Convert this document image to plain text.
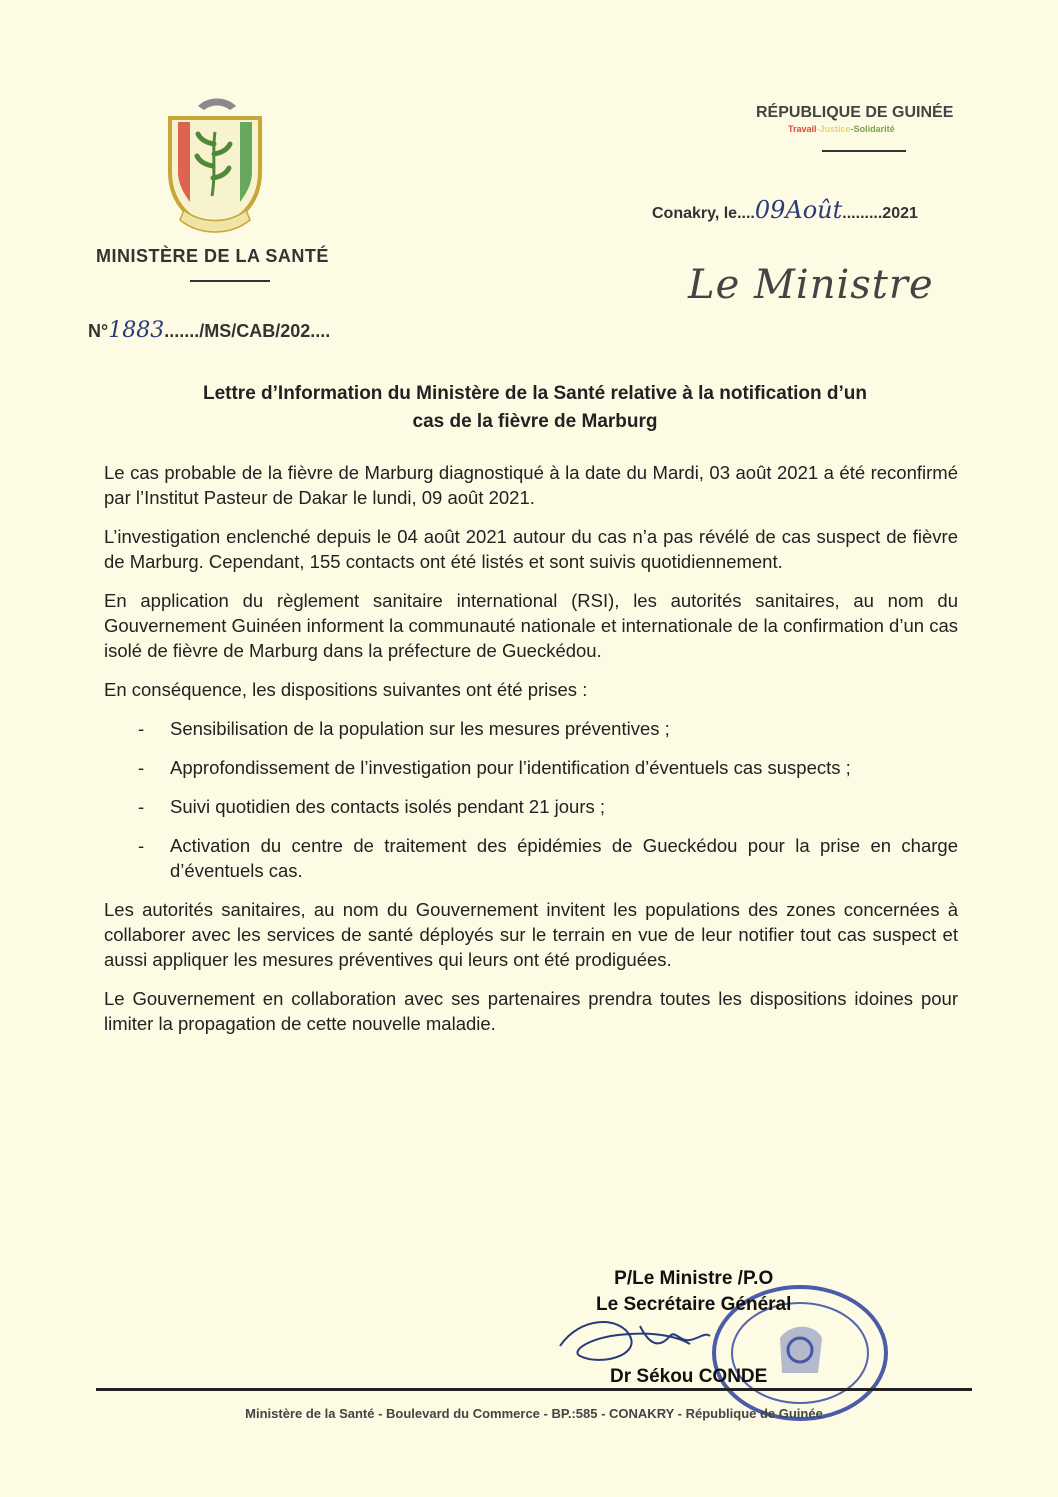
MINISTÈRE DE LA SANTÉ
N°1883......./MS/CAB/202....
RÉPUBLIQUE DE GUINÉE
Travail-Justice-Solidarité
Conakry, le....09Août.........2021
Le Ministre
Lettre d’Information du Ministère de la Santé relative à la notification d’un
cas de la fièvre de Marburg

Le cas probable de la fièvre de Marburg diagnostiqué à la date du Mardi, 03 août 2021 a été reconfirmé par l’Institut Pasteur de Dakar le lundi, 09 août 2021.

L’investigation enclenché depuis le 04 août 2021 autour du cas n’a pas révélé de cas suspect de fièvre de Marburg. Cependant, 155 contacts ont été listés et sont suivis quotidiennement.

En application du règlement sanitaire international (RSI), les autorités sanitaires, au nom du Gouvernement Guinéen informent la communauté nationale et internationale de la confirmation d’un cas isolé de fièvre de Marburg dans la préfecture de Gueckédou.

En conséquence, les dispositions suivantes ont été prises :

- Sensibilisation de la population sur les mesures préventives ;
- Approfondissement de l’investigation pour l’identification d’éventuels cas suspects ;
- Suivi quotidien des contacts isolés pendant 21 jours ;
- Activation du centre de traitement des épidémies de Gueckédou pour la prise en charge d’éventuels cas.

Les autorités sanitaires, au nom du Gouvernement invitent les populations des zones concernées à collaborer avec les services de santé déployés sur le terrain en vue de leur notifier tout cas suspect et aussi appliquer les mesures préventives qui leurs ont été prodiguées.

Le Gouvernement en collaboration avec ses partenaires prendra toutes les dispositions idoines pour limiter la propagation de cette nouvelle maladie.

P/Le Ministre /P.O
Le Secrétaire Général
Dr Sékou CONDE
Ministère de la Santé - Boulevard du Commerce - BP.:585 - CONAKRY - République de Guinée
